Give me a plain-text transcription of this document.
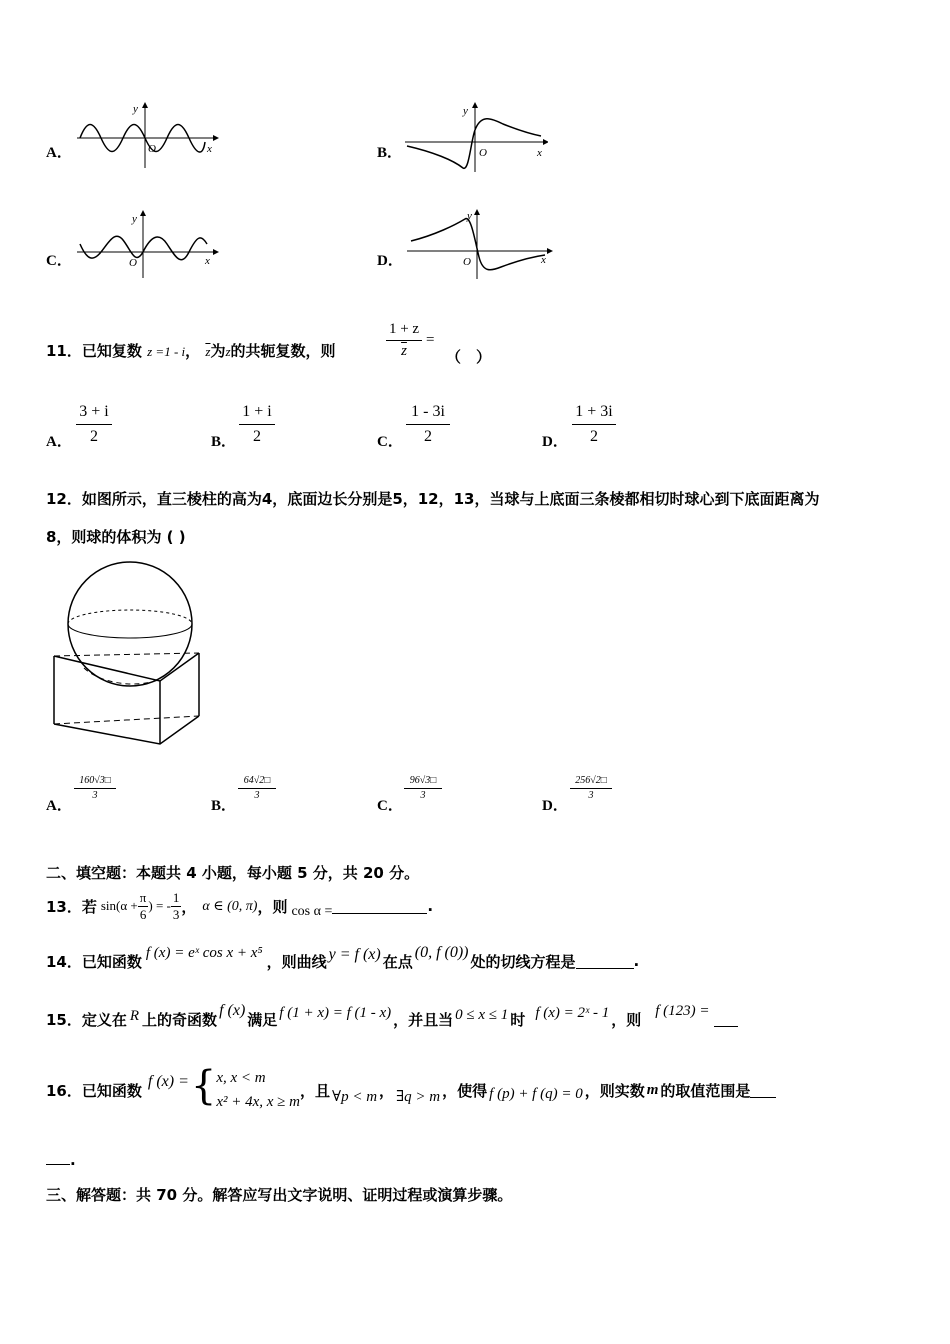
A．
y
O	x	B．
y
O	x
C．
y
O	x	D．
y
O	x
11．已知复数 z =1 - i， $\overline{z}$为z的共轭复数，则	$\frac{1 + z}{z}$ =
（　）
A． $\frac{3 + i}{2}$	B． $\frac{1 + i}{2}$	C． $\frac{1 - 3i}{2}$	D． $\frac{1 + 3i}{2}$
12．如图所示，直三棱柱的高为4，底面边长分别是5，12，13，当球与上底面三条棱都相切时球心到下底面距离为
8，则球的体积为 ( )
A．
$\frac{160√3□}{3}$
B．
$\frac{64√2□}{3}$
C．
$\frac{96√3□}{3}$
D．
$\frac{256√2□}{3}$
二、填空题：本题共 4 小题，每小题 5 分，共 20 分。
13．若 $\sin(\alpha + \frac{\pi}{6}$ ) = - $\frac{1}{3}$ ， α ∈ (0, π) ，则 cos α =	.
14．已知函数 f (x) = eˣ cos x + x⁵ ，则曲线 y = f (x) 在点 (0, f (0)) 处的切线方程是	.
15．定义在 R 上的奇函数 f (x) 满足 f (1 + x) = f (1 - x) ，并且当 0 ≤ x ≤ 1 时 f (x) = 2ˣ - 1 ，则 f (123) =
16．已知函数 f (x) = { x, x < m
x² + 4x, x ≥ m
，且 ∀p < m ， ∃q > m ，使得 f (p) + f (q) = 0 ，则实数 m 的取值范围是
.
三、解答题：共 70 分。解答应写出文字说明、证明过程或演算步骤。
